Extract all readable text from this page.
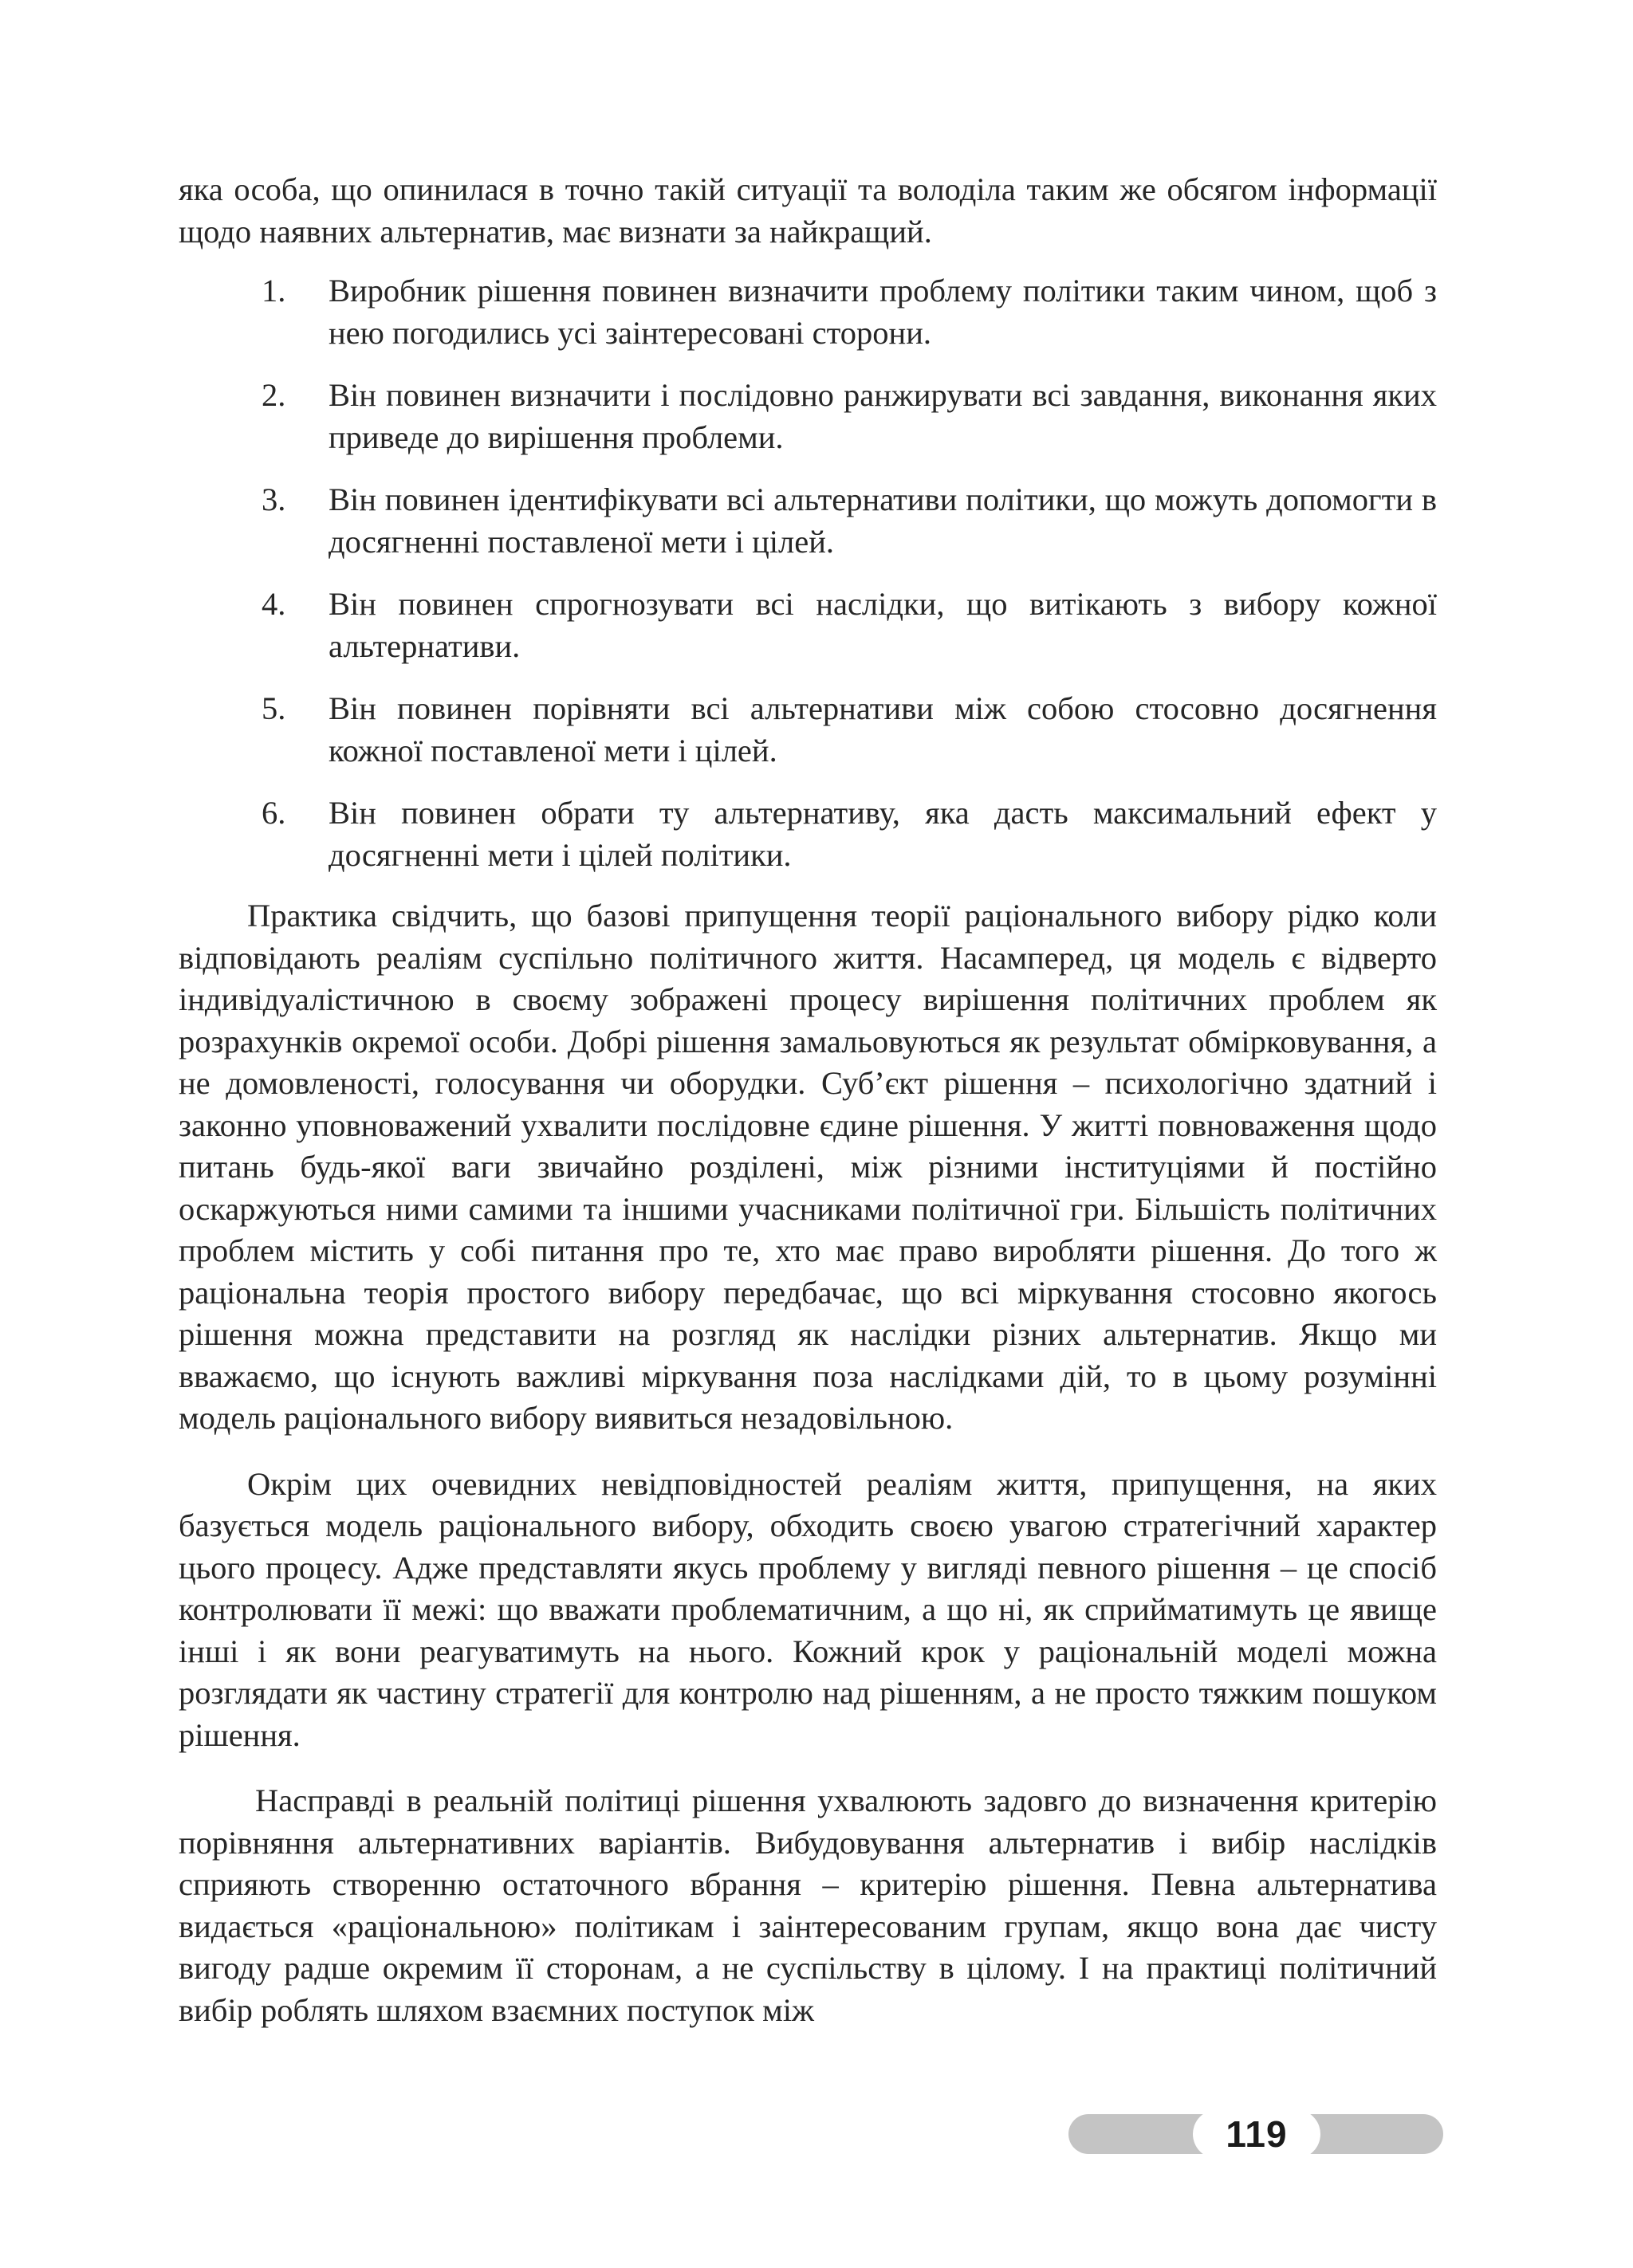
яка особа, що опинилася в точно такій ситуації та володіла таким же обсягом інформації щодо наявних альтернатив, має визнати за найкращий.

1.	Виробник рішення повинен визначити проблему політики таким чином, щоб з нею погодились усі заінтересовані сторони.
2.	Він повинен визначити і послідовно ранжирувати всі завдання, виконання яких приведе до вирішення проблеми.
3.	Він повинен ідентифікувати всі альтернативи політики, що можуть допомогти в досягненні поставленої мети і цілей.
4.	Він повинен спрогнозувати всі наслідки, що витікають з вибору кожної альтернативи.
5.	Він повинен порівняти всі альтернативи між собою стосовно досягнення кожної поставленої мети і цілей.
6.	Він повинен обрати ту альтернативу, яка дасть максимальний ефект у досягненні мети і цілей політики.

Практика свідчить, що базові припущення теорії раціонального вибору рідко коли відповідають реаліям суспільно політичного життя. Насамперед, ця модель є відверто індивідуалістичною в своєму зображені процесу вирішення політичних проблем як розрахунків окремої особи. Добрі рішення замальовуються як результат обмірковування, а не домовленості, голосування чи оборудки. Суб’єкт рішення – психологічно здатний і законно уповноважений ухвалити послідовне єдине рішення. У житті повноваження щодо питань будь-якої ваги звичайно розділені, між різними інституціями й постійно оскаржуються ними самими та іншими учасниками політичної гри. Більшість політичних проблем містить у собі питання про те, хто має право виробляти рішення. До того ж раціональна теорія простого вибору передбачає, що всі міркування стосовно якогось рішення можна представити на розгляд як наслідки різних альтернатив. Якщо ми вважаємо, що існують важливі міркування поза наслідками дій, то в цьому розумінні модель раціонального вибору виявиться незадовільною.

Окрім цих очевидних невідповідностей реаліям життя, припущення, на яких базується модель раціонального вибору, обходить своєю увагою стратегічний характер цього процесу. Адже представляти якусь проблему у вигляді певного рішення – це спосіб контролювати її межі: що вважати проблематичним, а що ні, як сприйматимуть це явище інші і як вони реагуватимуть на нього. Кожний крок у раціональній моделі можна розглядати як частину стратегії для контролю над рішенням, а не просто тяжким пошуком рішення.

Насправді в реальній політиці рішення ухвалюють задовго до визначення критерію порівняння альтернативних варіантів. Вибудовування альтернатив і вибір наслідків сприяють створенню остаточного вбрання – критерію рішення. Певна альтернатива видається «раціональною» політикам і заінтересованим групам, якщо вона дає чисту вигоду радше окремим її сторонам, а не суспільству в цілому. І на практиці політичний вибір роблять шляхом взаємних поступок між

119
